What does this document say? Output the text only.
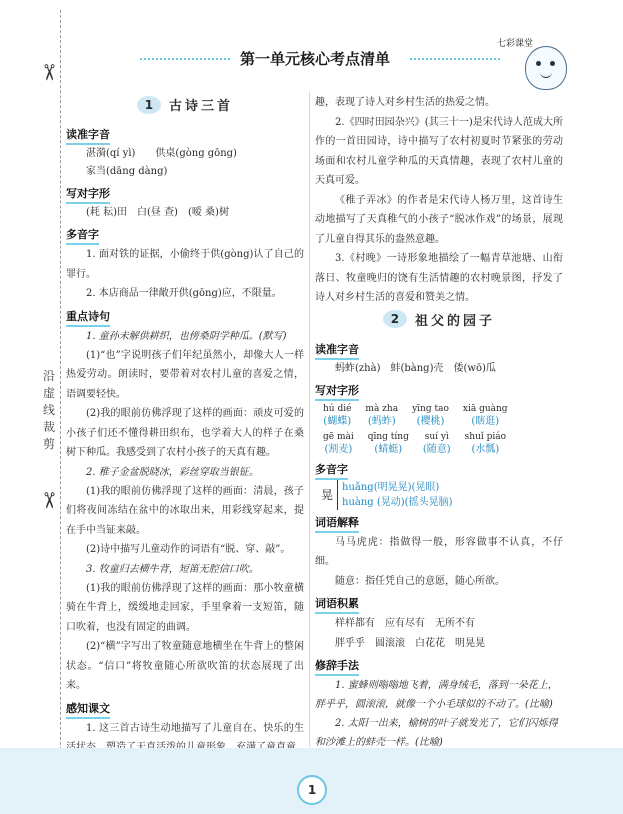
✂
沿虚线裁剪
✂
七彩课堂
第一单元核心考点清单
1	古诗三首
读准字音

湛漪(qí yì)　　供桌(gòng gōng)

家当(dāng dàng)

写对字形

(耗 耘)田　白(昼 查)　(嗳 桑)树

多音字

1. 面对铁的证据，小偷终于供(gòng)认了自己的罪行。

2. 本店商品一律敞开供(gōng)应，不限量。

重点诗句

1. 童孙未解供耕织，也傍桑阴学种瓜。(默写)

(1)“也”字说明孩子们年纪虽然小，却像大人一样热爱劳动。朗读时，要带着对农村儿童的喜爱之情，语调要轻快。

(2)我的眼前仿佛浮现了这样的画面：顽皮可爱的小孩子们还不懂得耕田织布，也学着大人的样子在桑树下种瓜。我感受到了农村小孩子的天真有趣。

2. 稚子金盆脱晓冰，彩丝穿取当银钲。

(1)我的眼前仿佛浮现了这样的画面：清晨，孩子们将夜间冻结在盆中的冰取出来，用彩线穿起来，提在手中当钲来敲。

(2)诗中描写儿童动作的词语有“脱、穿、敲”。

3. 牧童归去横牛背，短笛无腔信口吹。

(1)我的眼前仿佛浮现了这样的画面：那小牧童横骑在牛背上，缓缓地走回家，手里拿着一支短笛，随口吹着，也没有固定的曲调。

(2)“横”字写出了牧童随意地横坐在牛背上的整闲状态。“信口”将牧童随心所欲吹笛的状态展现了出来。

感知课文

1. 这三首古诗生动地描写了儿童自在、快乐的生

趣，表现了诗人对乡村生活的热爱之情。

2.《四时田园杂兴》(其三十一)是宋代诗人范成大所作的一首田园诗，诗中描写了农村初夏时节紧张的劳动场面和农村儿童学种瓜的天真情趣，表现了农村儿童的天真可爱。

《稚子弄冰》的作者是宋代诗人杨万里，这首诗生动地描写了天真稚气的小孩子“脱冰作戏”的场景，展现了儿童自得其乐的盎然意趣。

3.《村晚》一诗形象地描绘了一幅青草池塘、山衔落日、牧童晚归的饶有生活情趣的农村晚景图，抒发了诗人对乡村生活的喜爱和赞美之情。

2	祖父的园子
读准字音

蚂蚱(zhà)　蚌(bàng)壳　倭(wō)瓜

写对字形
hú dié
(蝴蝶)
mà zha
(蚂蚱)
yīng tao
(樱桃)
xiā guàng
(瞎逛)
gē mài
(割麦)
qīng tíng
(蜻蜓)
suí yì
(随意)
shuǐ piáo
(水瓢)
多音字
晃
huǎng(明晃晃)(晃眼)
huàng (晃动)(摇头晃脑)
词语解释

马马虎虎：指做得一般，形容做事不认真，不仔细。

随意：指任凭自己的意愿，随心所欲。

词语积累

样样都有　应有尽有　无所不有

胖乎乎　圆滚滚　白花花　明晃晃

修辞手法

1. 蜜蜂则嗡嗡地飞着，满身绒毛，落到一朵花上，胖乎乎，圆滚滚，就像一个小毛球似的不动了。(比喻)

2. 太阳一出来，榆树的叶子就发光了，它们闪烁得和沙滩上的蚌壳一样。(比喻)

1
